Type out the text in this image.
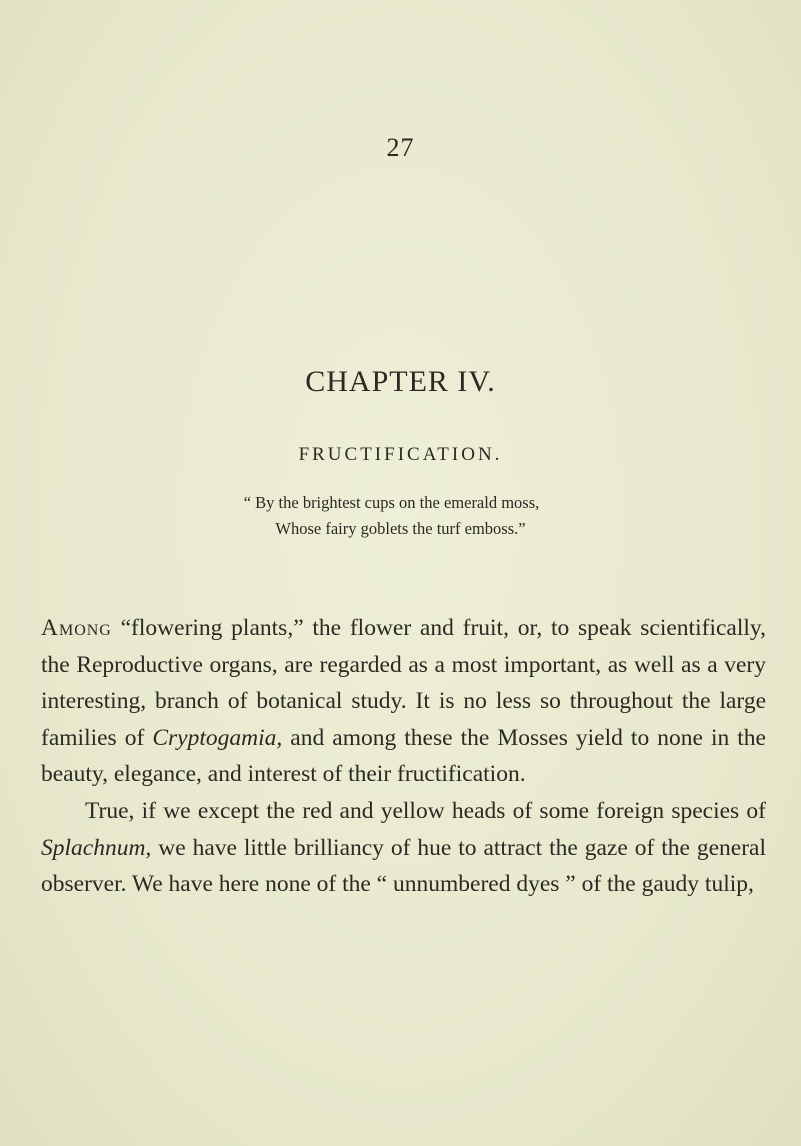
27
CHAPTER IV.
FRUCTIFICATION.
“ By the brightest cups on the emerald moss,
Whose fairy goblets the turf emboss.”

Among “flowering plants,” the flower and fruit, or, to speak scientifically, the Reproductive organs, are regarded as a most important, as well as a very interesting, branch of botanical study. It is no less so throughout the large families of Cryptogamia, and among these the Mosses yield to none in the beauty, elegance, and interest of their fructification.

True, if we except the red and yellow heads of some foreign species of Splachnum, we have little brilliancy of hue to attract the gaze of the general observer. We have here none of the “ unnumbered dyes ” of the gaudy tulip,
